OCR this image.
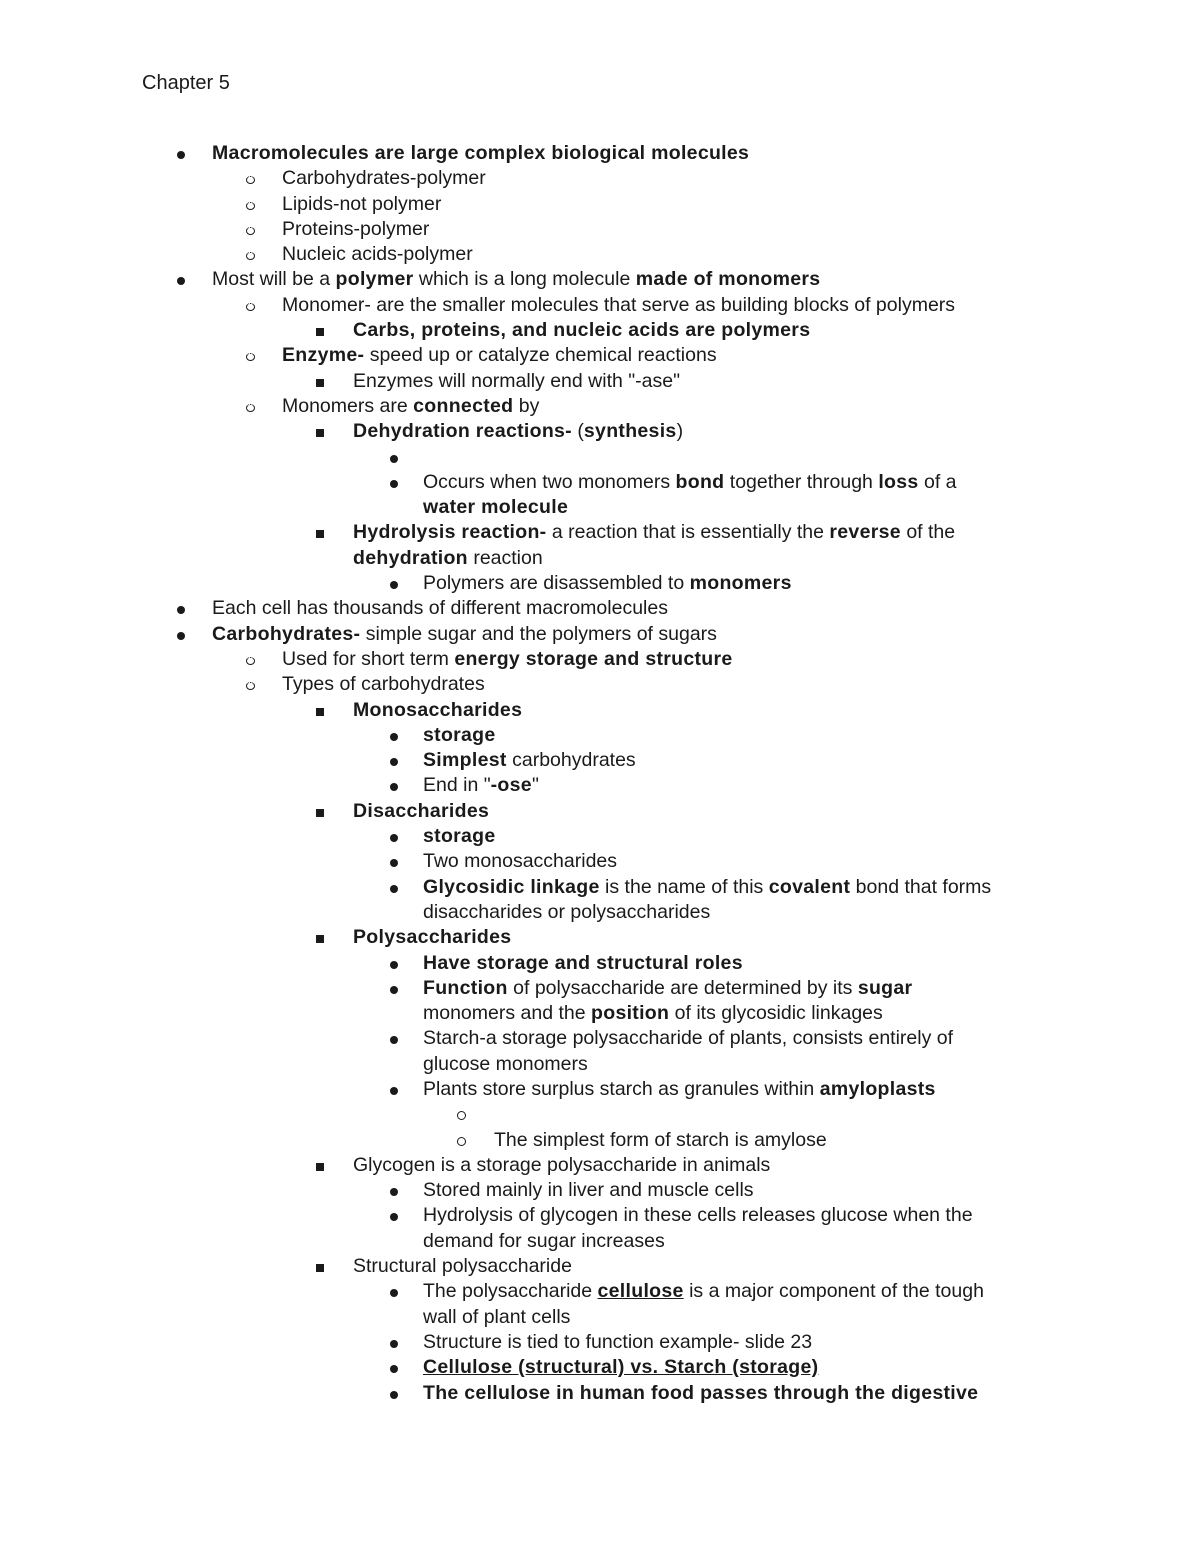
Chapter 5
Macromolecules are large complex biological molecules
Carbohydrates-polymer
Lipids-not polymer
Proteins-polymer
Nucleic acids-polymer
Most will be a polymer which is a long molecule made of monomers
Monomer- are the smaller molecules that serve as building blocks of polymers
Carbs, proteins, and nucleic acids are polymers
Enzyme- speed up or catalyze chemical reactions
Enzymes will normally end with "-ase"
Monomers are connected by
Dehydration reactions- (synthesis)
Occurs when two monomers bond together through loss of a
water molecule
Hydrolysis reaction- a reaction that is essentially the reverse of the
dehydration reaction
Polymers are disassembled to monomers
Each cell has thousands of different macromolecules
Carbohydrates- simple sugar and the polymers of sugars
Used for short term energy storage and structure
Types of carbohydrates
Monosaccharides
storage
Simplest carbohydrates
End in "-ose"
Disaccharides
storage
Two monosaccharides
Glycosidic linkage is the name of this covalent bond that forms
disaccharides or polysaccharides
Polysaccharides
Have storage and structural roles
Function of polysaccharide are determined by its sugar
monomers and the position of its glycosidic linkages
Starch-a storage polysaccharide of plants, consists entirely of
glucose monomers
Plants store surplus starch as granules within amyloplasts
The simplest form of starch is amylose
Glycogen is a storage polysaccharide in animals
Stored mainly in liver and muscle cells
Hydrolysis of glycogen in these cells releases glucose when the
demand for sugar increases
Structural polysaccharide
The polysaccharide cellulose is a major component of the tough
wall of plant cells
Structure is tied to function example- slide 23
Cellulose (structural) vs. Starch (storage)
The cellulose in human food passes through the digestive
